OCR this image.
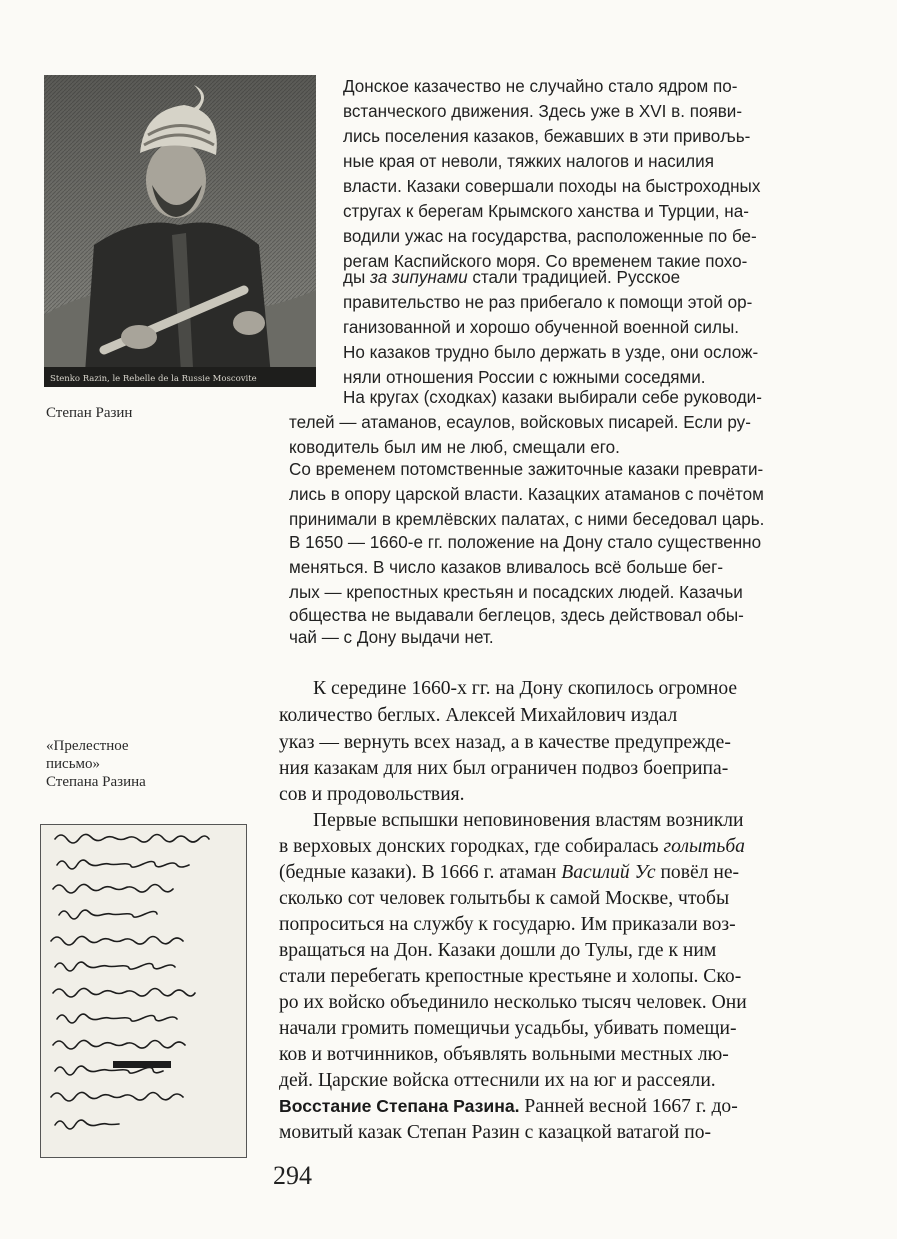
Stenko Razin, le Rebelle de la Russie Moscovite
Степан Разин
«Прелестное
письмо»
Степана Разина
Донское казачество не случайно стало ядром по-
встанческого движения. Здесь уже в XVI в. появи-
лись поселения казаков, бежавших в эти привољь-
ные края от неволи, тяжких налогов и насилия
власти. Казаки совершали походы на быстроходных
стругах к берегам Крымского ханства и Турции, на-
водили ужас на государства, расположенные по бе-
регам Каспийского моря. Со временем такие похо-
ды за зипунами стали традицией. Русское
правительство не раз прибегало к помощи этой ор-
ганизованной и хорошо обученной военной силы.
Но казаков трудно было держать в узде, они ослож-
няли отношения России с южными соседями.
На кругах (сходках) казаки выбирали себе руководи-
телей — атаманов, есаулов, войсковых писарей. Если ру-
ководитель был им не люб, смещали его.
Со временем потомственные зажиточные казаки преврати-
лись в опору царской власти. Казацких атаманов с почётом
принимали в кремлёвских палатах, с ними беседовал царь.
В 1650 — 1660-е гг. положение на Дону стало существенно
меняться. В число казаков вливалось всё больше бег-
лых — крепостных крестьян и посадских людей. Казачьи
общества не выдавали беглецов, здесь действовал обы-
чай — с Дону выдачи нет.
К середине 1660-х гг. на Дону скопилось огромное
количество беглых. Алексей Михайлович издал
указ — вернуть всех назад, а в качестве предупрежде-
ния казакам для них был ограничен подвоз боеприпа-
сов и продовольствия.
Первые вспышки неповиновения властям возникли
в верховых донских городках, где собиралась голытьба
(бедные казаки). В 1666 г. атаман Василий Ус повёл не-
сколько сот человек голытьбы к самой Москве, чтобы
попроситься на службу к государю. Им приказали воз-
вращаться на Дон. Казаки дошли до Тулы, где к ним
стали перебегать крепостные крестьяне и холопы. Ско-
ро их войско объединило несколько тысяч человек. Они
начали громить помещичьи усадьбы, убивать помещи-
ков и вотчинников, объявлять вольными местных лю-
дей. Царские войска оттеснили их на юг и рассеяли.
Восстание Степана Разина. Ранней весной 1667 г. до-
мовитый казак Степан Разин с казацкой ватагой по-
294
